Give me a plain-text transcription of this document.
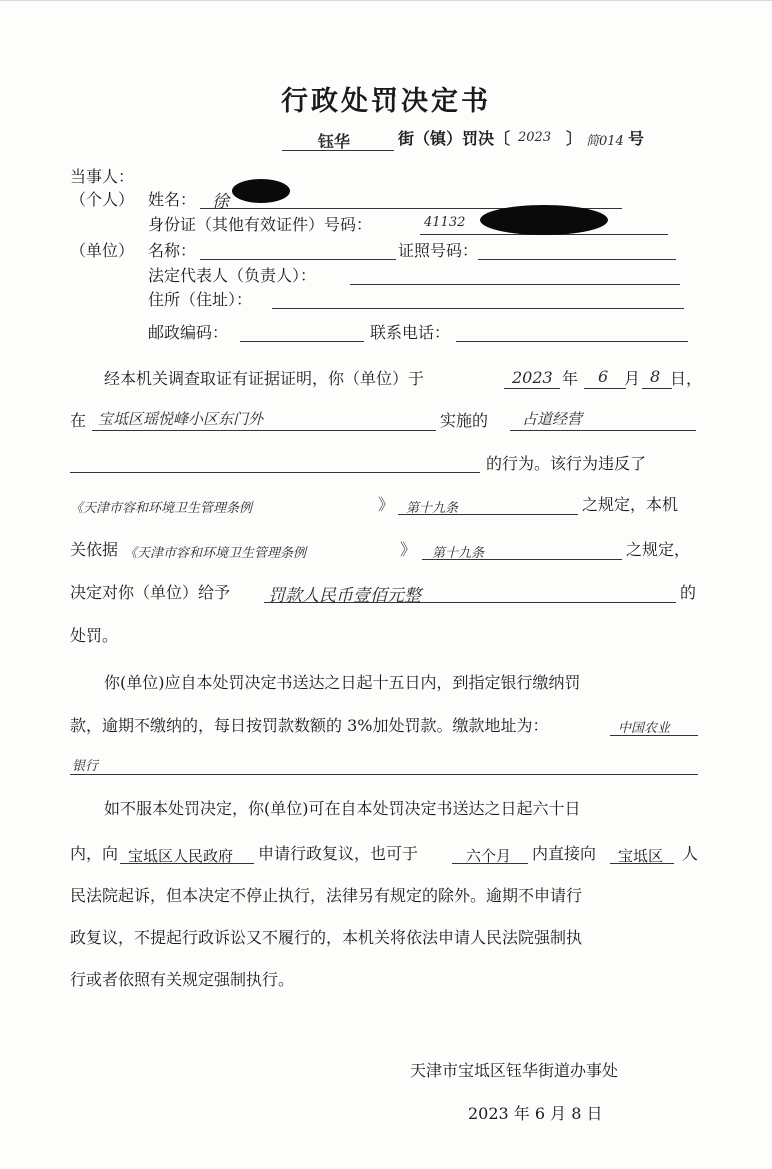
行政处罚决定书
钰华	街（镇）罚决〔 2023 〕 简014 号
当事人：
（个人） 姓名： 徐
身份证（其他有效证件）号码：	41132
（单位） 名称：	证照号码：
法定代表人（负责人）：
住所（住址）：
邮政编码：	联系电话：
经本机关调查取证有证据证明，你（单位）于	2023 年 6 月 8 日，
在 宝坻区瑶悦峰小区东门外	实施的 占道经营
的行为。该行为违反了
《天津市容和环境卫生管理条例	》 第十九条	之规定，本机
关依据 《天津市容和环境卫生管理条例	》 第十九条	之规定，
决定对你（单位）给予 罚款人民币壹佰元整	的
处罚。
你(单位)应自本处罚决定书送达之日起十五日内，到指定银行缴纳罚
款，逾期不缴纳的，每日按罚款数额的 3%加处罚款。缴款地址为：	中国农业
银行
如不服本处罚决定，你(单位)可在自本处罚决定书送达之日起六十日
内，向 宝坻区人民政府 申请行政复议，也可于	六个月 内直接向 宝坻区 人
民法院起诉，但本决定不停止执行，法律另有规定的除外。逾期不申请行
政复议，不提起行政诉讼又不履行的，本机关将依法申请人民法院强制执
行或者依照有关规定强制执行。
天津市宝坻区钰华街道办事处
2023 年 6 月 8 日
